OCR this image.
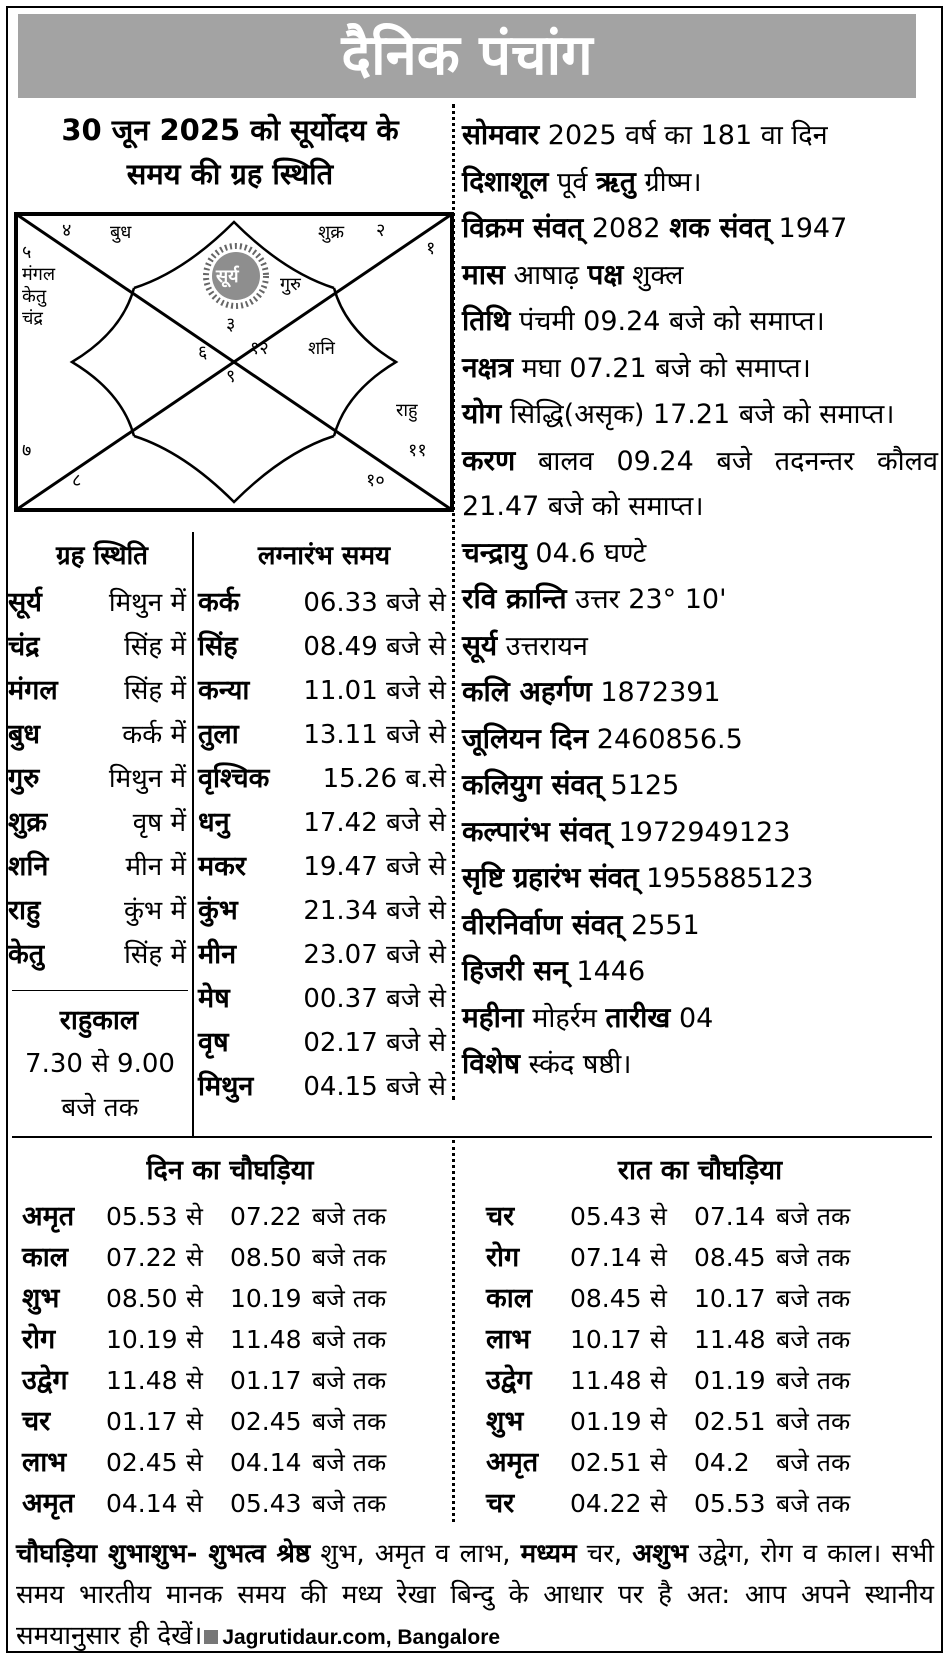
दैनिक पंचांग
30 जून 2025 को सूर्योदय के
समय की ग्रह स्थिति
४ बुध	शुक्र २
१
५
मंगल
केतु
चंद्र
सूर्य गुरु
३
६ १२ शनि
९
राहु
७	११
८	१०
ग्रह स्थिति
सूर्य	मिथुन में
चंद्र	सिंह में
मंगल	सिंह में
बुध	कर्क में
गुरु	मिथुन में
शुक्र	वृष में
शनि	मीन में
राहु	कुंभ में
केतु	सिंह में
राहुकाल
7.30 से 9.00
बजे तक
लग्नारंभ समय
कर्क 06.33 बजे से
सिंह	08.49 बजे से
कन्या 11.01 बजे से
तुला 13.11 बजे से
वृश्चिक 15.26 ब.से
धनु	17.42 बजे से
मकर 19.47 बजे से
कुंभ	21.34 बजे से
मीन	23.07 बजे से
मेष	00.37 बजे से
वृष	02.17 बजे से
मिथुन 04.15 बजे से

सोमवार 2025 वर्ष का 181 वा दिन

दिशाशूल पूर्व ऋतु ग्रीष्म।

विक्रम संवत् 2082 शक संवत् 1947

मास आषाढ़ पक्ष शुक्ल

तिथि पंचमी 09.24 बजे को समाप्त।

नक्षत्र मघा 07.21 बजे को समाप्त।

योग सिद्धि(असृक) 17.21 बजे को समाप्त।

करण बालव 09.24 बजे तदनन्तर कौलव 21.47 बजे को समाप्त।

चन्द्रायु 04.6 घण्टे

रवि क्रान्ति उत्तर 23° 10'

सूर्य उत्तरायन

कलि अहर्गण 1872391

जूलियन दिन 2460856.5

कलियुग संवत् 5125

कल्पारंभ संवत् 1972949123

सृष्टि ग्रहारंभ संवत् 1955885123

वीरनिर्वाण संवत् 2551

हिजरी सन् 1446

महीना मोहर्रम तारीख 04

विशेष स्कंद षष्ठी।

दिन का चौघड़िया	रात का चौघड़िया
अमृत 05.53 से 07.22 बजे तक
काल 07.22 से 08.50 बजे तक
शुभ 08.50 से 10.19 बजे तक
रोग 10.19 से 11.48 बजे तक
उद्वेग 11.48 से 01.17 बजे तक
चर 01.17 से 02.45 बजे तक
लाभ 02.45 से 04.14 बजे तक
अमृत 04.14 से 05.43 बजे तक
चर 05.43 से 07.14 बजे तक
रोग 07.14 से 08.45 बजे तक
काल 08.45 से 10.17 बजे तक
लाभ 10.17 से 11.48 बजे तक
उद्वेग 11.48 से 01.19 बजे तक
शुभ 01.19 से 02.51 बजे तक
अमृत 02.51 से 04.2 बजे तक
चर 04.22 से 05.53 बजे तक
चौघड़िया शुभाशुभ- शुभत्व श्रेष्ठ शुभ, अमृत व लाभ, मध्यम चर, अशुभ उद्वेग, रोग व काल। सभी समय भारतीय मानक समय की मध्य रेखा बिन्दु के आधार पर है अत: आप अपने स्थानीय समयानुसार ही देखें। Jagrutidaur.com, Bangalore
